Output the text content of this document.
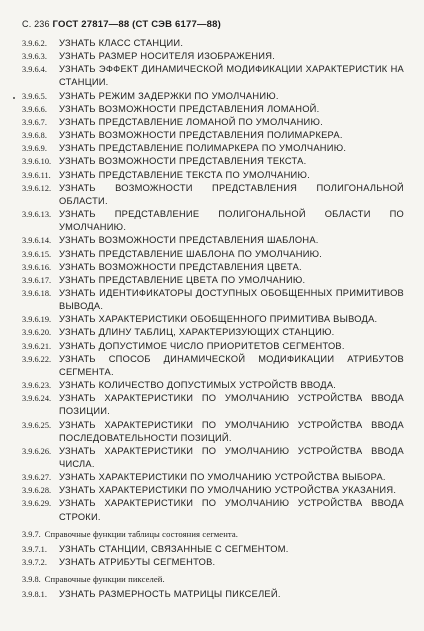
С. 236 ГОСТ 27817—88 (СТ СЭВ 6177—88)
3.9.6.2.	УЗНАТЬ КЛАСС СТАНЦИИ.
3.9.6.3.	УЗНАТЬ РАЗМЕР НОСИТЕЛЯ ИЗОБРАЖЕНИЯ.
3.9.6.4.	УЗНАТЬ ЭФФЕКТ ДИНАМИЧЕСКОЙ МОДИФИКАЦИИ ХАРАКТЕРИСТИК НА СТАНЦИИ.
3.9.6.5.	УЗНАТЬ РЕЖИМ ЗАДЕРЖКИ ПО УМОЛЧАНИЮ.
3.9.6.6.	УЗНАТЬ ВОЗМОЖНОСТИ ПРЕДСТАВЛЕНИЯ ЛОМАНОЙ.
3.9.6.7.	УЗНАТЬ ПРЕДСТАВЛЕНИЕ ЛОМАНОЙ ПО УМОЛЧАНИЮ.
3.9.6.8.	УЗНАТЬ ВОЗМОЖНОСТИ ПРЕДСТАВЛЕНИЯ ПОЛИМАРКЕРА.
3.9.6.9.	УЗНАТЬ ПРЕДСТАВЛЕНИЕ ПОЛИМАРКЕРА ПО УМОЛЧАНИЮ.
3.9.6.10. УЗНАТЬ ВОЗМОЖНОСТИ ПРЕДСТАВЛЕНИЯ ТЕКСТА.
3.9.6.11. УЗНАТЬ ПРЕДСТАВЛЕНИЕ ТЕКСТА ПО УМОЛЧАНИЮ.
3.9.6.12. УЗНАТЬ ВОЗМОЖНОСТИ ПРЕДСТАВЛЕНИЯ ПОЛИГОНАЛЬНОЙ ОБЛАСТИ.
3.9.6.13. УЗНАТЬ ПРЕДСТАВЛЕНИЕ ПОЛИГОНАЛЬНОЙ ОБЛАСТИ ПО УМОЛЧАНИЮ.
3.9.6.14. УЗНАТЬ ВОЗМОЖНОСТИ ПРЕДСТАВЛЕНИЯ ШАБЛОНА.
3.9.6.15. УЗНАТЬ ПРЕДСТАВЛЕНИЕ ШАБЛОНА ПО УМОЛЧАНИЮ.
3.9.6.16. УЗНАТЬ ВОЗМОЖНОСТИ ПРЕДСТАВЛЕНИЯ ЦВЕТА.
3.9.6.17. УЗНАТЬ ПРЕДСТАВЛЕНИЕ ЦВЕТА ПО УМОЛЧАНИЮ.
3.9.6.18. УЗНАТЬ ИДЕНТИФИКАТОРЫ ДОСТУПНЫХ ОБОБЩЕННЫХ ПРИМИТИВОВ ВЫВОДА.
3.9.6.19. УЗНАТЬ ХАРАКТЕРИСТИКИ ОБОБЩЕННОГО ПРИМИТИВА ВЫВОДА.
3.9.6.20. УЗНАТЬ ДЛИНУ ТАБЛИЦ, ХАРАКТЕРИЗУЮЩИХ СТАНЦИЮ.
3.9.6.21. УЗНАТЬ ДОПУСТИМОЕ ЧИСЛО ПРИОРИТЕТОВ СЕГМЕНТОВ.
3.9.6.22. УЗНАТЬ СПОСОБ ДИНАМИЧЕСКОЙ МОДИФИКАЦИИ АТРИБУТОВ СЕГМЕНТА.
3.9.6.23. УЗНАТЬ КОЛИЧЕСТВО ДОПУСТИМЫХ УСТРОЙСТВ ВВОДА.
3.9.6.24. УЗНАТЬ ХАРАКТЕРИСТИКИ ПО УМОЛЧАНИЮ УСТРОЙСТВА ВВОДА ПОЗИЦИИ.
3.9.6.25. УЗНАТЬ ХАРАКТЕРИСТИКИ ПО УМОЛЧАНИЮ УСТРОЙСТВА ВВОДА ПОСЛЕДОВАТЕЛЬНОСТИ ПОЗИЦИЙ.
3.9.6.26. УЗНАТЬ ХАРАКТЕРИСТИКИ ПО УМОЛЧАНИЮ УСТРОЙСТВА ВВОДА ЧИСЛА.
3.9.6.27. УЗНАТЬ ХАРАКТЕРИСТИКИ ПО УМОЛЧАНИЮ УСТРОЙСТВА ВЫБОРА.
3.9.6.28. УЗНАТЬ ХАРАКТЕРИСТИКИ ПО УМОЛЧАНИЮ УСТРОЙСТВА УКАЗАНИЯ.
3.9.6.29. УЗНАТЬ ХАРАКТЕРИСТИКИ ПО УМОЛЧАНИЮ УСТРОЙСТВА ВВОДА СТРОКИ.
3.9.7. Справочные функции таблицы состояния сегмента.
3.9.7.1.	УЗНАТЬ СТАНЦИИ, СВЯЗАННЫЕ С СЕГМЕНТОМ.
3.9.7.2.	УЗНАТЬ АТРИБУТЫ СЕГМЕНТОВ.
3.9.8. Справочные функции пикселей.
3.9.8.1.	УЗНАТЬ РАЗМЕРНОСТЬ МАТРИЦЫ ПИКСЕЛЕЙ.
